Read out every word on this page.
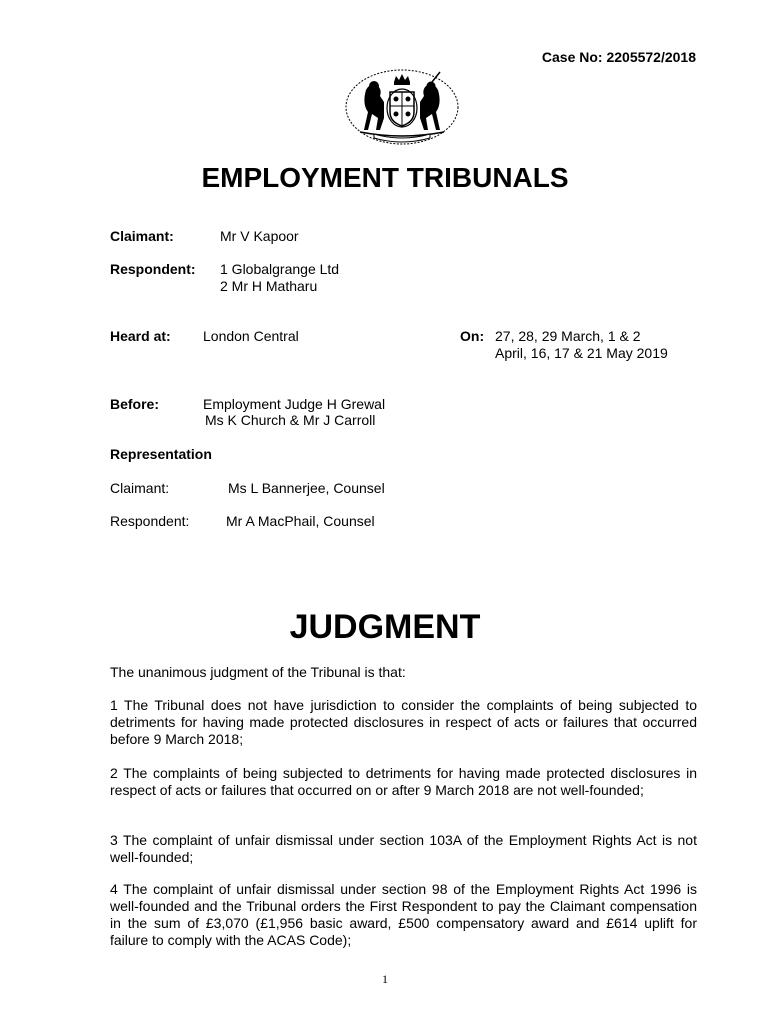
Case No: 2205572/2018
EMPLOYMENT TRIBUNALS
Claimant:	Mr V Kapoor
Respondent: 1 Globalgrange Ltd
2 Mr H Matharu
Heard at: London Central	On: 27, 28, 29 March, 1 & 2
April, 16, 17 & 21 May 2019
Before:	Employment Judge H Grewal
Ms K Church & Mr J Carroll
Representation
Claimant:	Ms L Bannerjee, Counsel
Respondent:	Mr A MacPhail, Counsel
JUDGMENT
The unanimous judgment of the Tribunal is that:
1 The Tribunal does not have jurisdiction to consider the complaints of being subjected to detriments for having made protected disclosures in respect of acts or failures that occurred before 9 March 2018;
2 The complaints of being subjected to detriments for having made protected disclosures in respect of acts or failures that occurred on or after 9 March 2018 are not well-founded;
3 The complaint of unfair dismissal under section 103A of the Employment Rights Act is not well-founded;
4 The complaint of unfair dismissal under section 98 of the Employment Rights Act 1996 is well-founded and the Tribunal orders the First Respondent to pay the Claimant compensation in the sum of £3,070 (£1,956 basic award, £500 compensatory award and £614 uplift for failure to comply with the ACAS Code);
1
